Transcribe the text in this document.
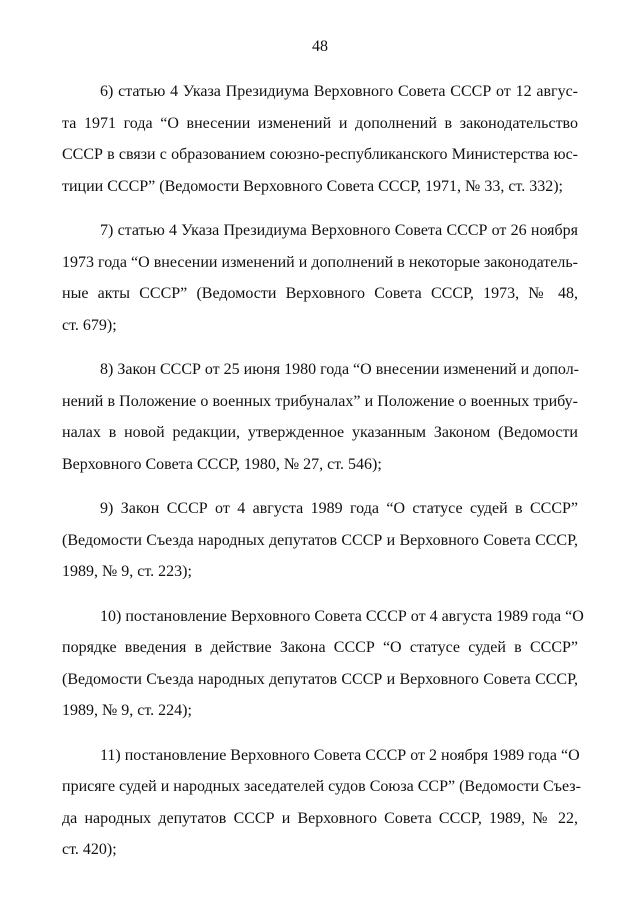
48
6) статью 4 Указа Президиума Верховного Совета СССР от 12 авгус-
та 1971 года “О внесении изменений и дополнений в законодательство
СССР в связи с образованием союзно-республиканского Министерства юс-
тиции СССР” (Ведомости Верховного Совета СССР, 1971, № 33, ст. 332);
7) статью 4 Указа Президиума Верховного Совета СССР от 26 ноября
1973 года “О внесении изменений и дополнений в некоторые законодатель-
ные акты СССР” (Ведомости Верховного Совета СССР, 1973, № 48,
ст. 679);
8) Закон СССР от 25 июня 1980 года “О внесении изменений и допол-
нений в Положение о военных трибуналах” и Положение о военных трибу-
налах в новой редакции, утвержденное указанным Законом (Ведомости
Верховного Совета СССР, 1980, № 27, ст. 546);
9) Закон СССР от 4 августа 1989 года “О статусе судей в СССР”
(Ведомости Съезда народных депутатов СССР и Верховного Совета СССР,
1989, № 9, ст. 223);
10) постановление Верховного Совета СССР от 4 августа 1989 года “О
порядке введения в действие Закона СССР “О статусе судей в СССР”
(Ведомости Съезда народных депутатов СССР и Верховного Совета СССР,
1989, № 9, ст. 224);
11) постановление Верховного Совета СССР от 2 ноября 1989 года “О
присяге судей и народных заседателей судов Союза ССР” (Ведомости Съез-
да народных депутатов СССР и Верховного Совета СССР, 1989, № 22,
ст. 420);
